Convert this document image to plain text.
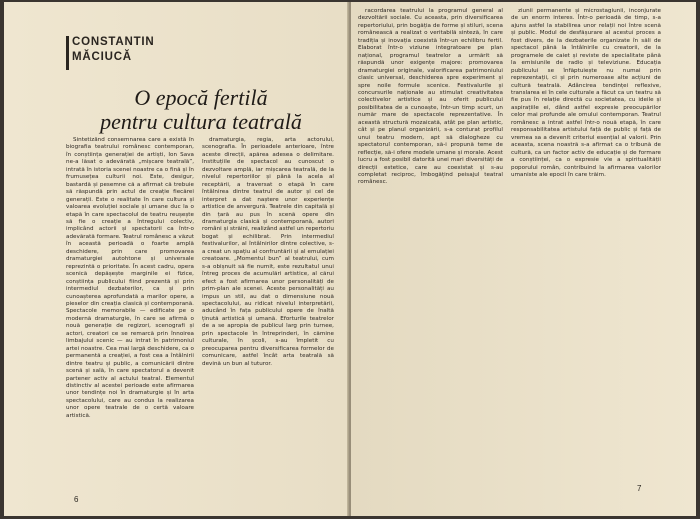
CONSTANTIN
MĂCIUCĂ
O epocă fertilă
pentru cultura teatrală

Sintetizând consemnarea care a există în biografia teatrului românesc contemporan, în conștiința generației de artiști, Ion Sava ne-a lăsat o adevărată „mișcare teatrală”, intrată în istoria scenei noastre ca o fină și în frumusețea culturii noi. Este, desigur, bastardă și pesemne că a afirmat că trebuie să răspundă prin actul de creație fiecărei generații. Este o realitate în care cultura și valoarea evoluției sociale și umane duc la o etapă în care spectacolul de teatru reușește să fie o creație a întregului colectiv, implicând actorii și spectatorii ca într-o adevărată formare. Teatrul românesc a văzut în această perioadă o foarte amplă deschidere, prin care promovarea dramaturgiei autohtone și universale reprezintă o prioritate. În acest cadru, opera scenică depășește marginile ei fizice, conștiința publicului fiind prezentă și prin intermediul dezbaterilor, ca și prin cunoașterea aprofundată a marilor opere, a pieselor din creația clasică și contemporană. Spectacole memorabile — edificate pe o modernă dramaturgie, în care se afirmă o nouă generație de regizori, scenografi și actori, creatori ce se remarcă prin înnoirea limbajului scenic — au intrat în patrimoniul artei noastre. Cea mai largă deschidere, ca o permanentă a creației, a fost cea a întâlnirii dintre teatru și public, a comunicării dintre scenă și sală, în care spectatorul a devenit partener activ al actului teatral. Elementul distinctiv al acestei perioade este afirmarea unor tendințe noi în dramaturgie și în arta spectacolului, care au condus la realizarea unor opere teatrale de o certă valoare artistică.

dramaturgia, regia, arta actorului, scenografia. În perioadele anterioare, între aceste direcții, apărea adesea o delimitare. Instituțiile de spectacol au cunoscut o dezvoltare amplă, iar mișcarea teatrală, de la nivelul repertoriilor și până la acela al receptării, a traversat o etapă în care întâlnirea dintre teatrul de autor și cel de interpret a dat naștere unor experiențe artistice de anvergură. Teatrele din capitală și din țară au pus în scenă opere din dramaturgia clasică și contemporană, autori români și străini, realizând astfel un repertoriu bogat și echilibrat. Prin intermediul festivalurilor, al întâlnirilor dintre colective, s-a creat un spațiu al confruntării și al emulației creatoare. „Momentul bun” al teatrului, cum s-a obișnuit să fie numit, este rezultatul unui întreg proces de acumulări artistice, al cărui efect a fost afirmarea unor personalități de prim-plan ale scenei. Aceste personalități au impus un stil, au dat o dimensiune nouă spectacolului, au ridicat nivelul interpretării, aducând în fața publicului opere de înaltă ținută artistică și umană. Eforturile teatrelor de a se apropia de publicul larg prin turnee, prin spectacole în întreprinderi, în cămine culturale, în școli, s-au împletit cu preocuparea pentru diversificarea formelor de comunicare, astfel încât arta teatrală să devină un bun al tuturor.

6

racordarea teatrului la programul general al dezvoltării sociale. Cu aceasta, prin diversificarea repertoriului, prin bogăția de forme și stiluri, scena românească a realizat o veritabilă sinteză, în care tradiția și inovația coexistă într-un echilibru fertil. Elaborat într-o viziune integratoare pe plan național, programul teatrelor a urmărit să răspundă unor exigențe majore: promovarea dramaturgiei originale, valorificarea patrimoniului clasic universal, deschiderea spre experiment și spre noile formule scenice. Festivalurile și concursurile naționale au stimulat creativitatea colectivelor artistice și au oferit publicului posibilitatea de a cunoaște, într-un timp scurt, un număr mare de spectacole reprezentative. În această structură mozaicată, atât pe plan artistic, cât și pe planul organizării, s-a conturat profilul unui teatru modern, apt să dialogheze cu spectatorul contemporan, să-i propună teme de reflecție, să-i ofere modele umane și morale. Acest lucru a fost posibil datorită unei mari diversități de direcții estetice, care au coexistat și s-au completat reciproc, îmbogățind peisajul teatral românesc.

ziunii permanente și microstagiunii, inconjurate de un enorm interes. Într-o perioadă de timp, s-a ajuns astfel la stabilirea unor relații noi între scenă și public. Modul de desfășurare al acestui proces a fost divers, de la dezbaterile organizate în săli de spectacol până la întâlnirile cu creatorii, de la programele de caiet și reviste de specialitate până la emisiunile de radio și televiziune. Educația publicului se înfăptuiește nu numai prin reprezentații, ci și prin numeroase alte acțiuni de cultură teatrală. Adâncirea tendinței reflexive, translarea ei în cele culturale a făcut ca un teatru să fie pus în relație directă cu societatea, cu ideile și aspirațiile ei, dând astfel expresie preocupărilor celor mai profunde ale omului contemporan. Teatrul românesc a intrat astfel într-o nouă etapă, în care responsabilitatea artistului față de public și față de vremea sa a devenit criteriul esențial al valorii. Prin aceasta, scena noastră s-a afirmat ca o tribună de cultură, ca un factor activ de educație și de formare a conștiinței, ca o expresie vie a spiritualității poporului român, contribuind la afirmarea valorilor umaniste ale epocii în care trăim.

7
